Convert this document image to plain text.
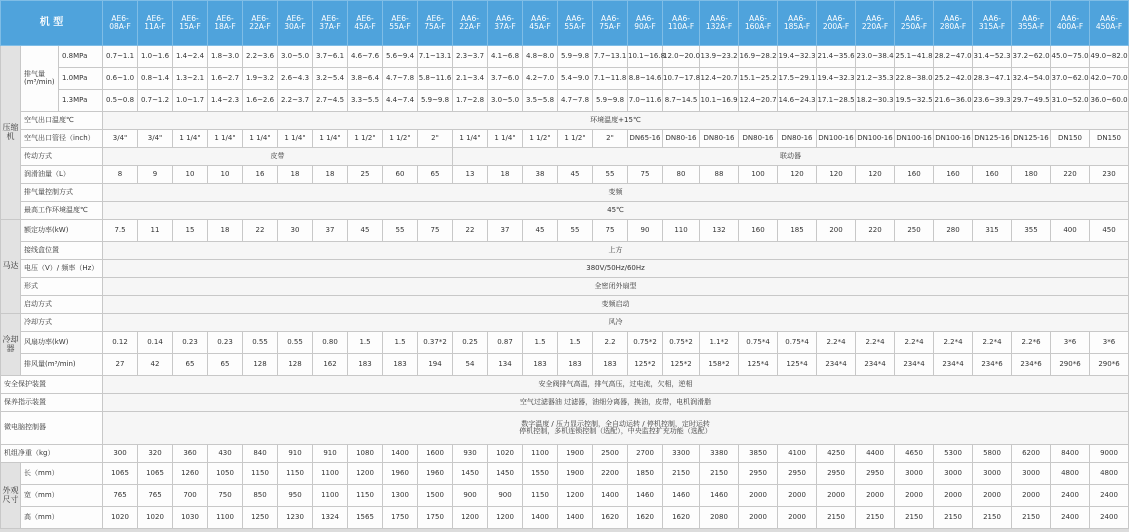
机 型			AE6-08A-F	AE6-11A-F	AE6-15A-F	AE6-18A-F	AE6-22A-F	AE6-30A-F	AE6-37A-F	AE6-45A-F	AE6-55A-F	AE6-75A-F	AA6-22A-F	AA6-37A-F	AA6-45A-F	AA6-55A-F	AA6-75A-F	AA6-90A-F	AA6-110A-F	AA6-132A-F	AA6-160A-F	AA6-185A-F	AA6-200A-F	AA6-220A-F	AA6-250A-F	AA6-280A-F	AA6-315A-F	AA6-355A-F	AA6-400A-F	AA6-450A-F
压缩机	排气量(m³/min)	0.8MPa	0.7~1.1	1.0~1.6	1.4~2.4	1.8~3.0	2.2~3.6	3.0~5.0	3.7~6.1	4.6~7.6	5.6~9.4	7.1~13.1	2.3~3.7	4.1~6.8	4.8~8.0	5.9~9.8	7.7~13.1	10.1~16.8	12.0~20.0	13.9~23.2	16.9~28.2	19.4~32.3	21.4~35.6	23.0~38.4	25.1~41.8	28.2~47.0	31.4~52.3	37.2~62.0	45.0~75.0	49.0~82.0
		1.0MPa	0.6~1.0	0.8~1.4	1.3~2.1	1.6~2.7	1.9~3.2	2.6~4.3	3.2~5.4	3.8~6.4	4.7~7.8	5.8~11.6	2.1~3.4	3.7~6.0	4.2~7.0	5.4~9.0	7.1~11.8	8.8~14.6	10.7~17.8	12.4~20.7	15.1~25.2	17.5~29.1	19.4~32.3	21.2~35.3	22.8~38.0	25.2~42.0	28.3~47.1	32.4~54.0	37.0~62.0	42.0~70.0
		1.3MPa	0.5~0.8	0.7~1.2	1.0~1.7	1.4~2.3	1.6~2.6	2.2~3.7	2.7~4.5	3.3~5.5	4.4~7.4	5.9~9.8	1.7~2.8	3.0~5.0	3.5~5.8	4.7~7.8	5.9~9.8	7.0~11.6	8.7~14.5	10.1~16.9	12.4~20.7	14.6~24.3	17.1~28.5	18.2~30.3	19.5~32.5	21.6~36.0	23.6~39.3	29.7~49.5	31.0~52.0	36.0~60.0
	空气出口温度℃		环境温度+15℃																											
	空气出口管径（inch）		3/4"	3/4"	1 1/4"	1 1/4"	1 1/4"	1 1/4"	1 1/4"	1 1/2"	1 1/2"	2"	1 1/4"	1 1/4"	1 1/2"	1 1/2"	2"	DN65-16	DN80-16	DN80-16	DN80-16	DN80-16	DN100-16	DN100-16	DN100-16	DN100-16	DN125-16	DN125-16	DN150	DN150
	传动方式		皮带										联动器																	
	润滑油量（L）		8	9	10	10	16	18	18	25	60	65	13	18	38	45	55	75	80	88	100	120	120	120	160	160	160	180	220	230
	排气量控制方式		变频																											
	最高工作环境温度℃		45℃																											
马达	额定功率(kW)		7.5	11	15	18	22	30	37	45	55	75	22	37	45	55	75	90	110	132	160	185	200	220	250	280	315	355	400	450
	接线盒位置		上方																											
	电压（V）/ 频率（Hz）		380V/50Hz/60Hz																											
	形式		全密闭外扇型																											
	启动方式		变频启动																											
冷却器	冷却方式		风冷																											
	风扇功率(kW)		0.12	0.14	0.23	0.23	0.55	0.55	0.80	1.5	1.5	0.37*2	0.25	0.87	1.5	1.5	2.2	0.75*2	0.75*2	1.1*2	0.75*4	0.75*4	2.2*4	2.2*4	2.2*4	2.2*4	2.2*4	2.2*6	3*6	3*6
	排风量(m³/min)		27	42	65	65	128	128	162	183	183	194	54	134	183	183	183	125*2	125*2	158*2	125*4	125*4	234*4	234*4	234*4	234*4	234*6	234*6	290*6	290*6
安全保护装置			安全阀排气高温，排气高压，过电流，欠相，逆相																											
保养指示装置			空气过滤器油 过滤器，油细分离器，换油，皮带，电机润滑脂																											
微电脑控制器			数字温度 / 压力显示控制，全自动运转 / 停机控制，定时运转
停机控制，多机连锁控制（选配），中央监控扩充功能（选配）																											

机组净重（kg）			300	320	360	430	840	910	910	1080	1400	1600	930	1020	1100	1900	2500	2700	3300	3380	3850	4100	4250	4400	4650	5300	5800	6200	8400	9000
外观尺寸	长（mm）		1065	1065	1260	1050	1150	1150	1100	1200	1960	1960	1450	1450	1550	1900	2200	1850	2150	2150	2950	2950	2950	2950	3000	3000	3000	3000	4800	4800
	宽（mm）		765	765	700	750	850	950	1100	1150	1300	1500	900	900	1150	1200	1400	1460	1460	1460	2000	2000	2000	2000	2000	2000	2000	2000	2400	2400
	高（mm）		1020	1020	1030	1100	1250	1230	1324	1565	1750	1750	1200	1200	1400	1400	1620	1620	1620	2080	2000	2000	2150	2150	2150	2150	2150	2150	2400	2400
